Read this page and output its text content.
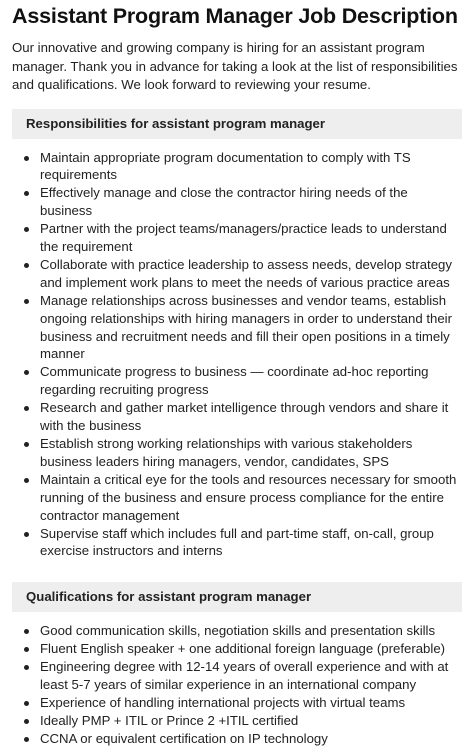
Assistant Program Manager Job Description

Our innovative and growing company is hiring for an assistant program manager. Thank you in advance for taking a look at the list of responsibilities and qualifications. We look forward to reviewing your resume.

Responsibilities for assistant program manager
Maintain appropriate program documentation to comply with TS requirements
Effectively manage and close the contractor hiring needs of the business
Partner with the project teams/managers/practice leads to understand the requirement
Collaborate with practice leadership to assess needs, develop strategy and implement work plans to meet the needs of various practice areas
Manage relationships across businesses and vendor teams, establish ongoing relationships with hiring managers in order to understand their business and recruitment needs and fill their open positions in a timely manner
Communicate progress to business — coordinate ad-hoc reporting regarding recruiting progress
Research and gather market intelligence through vendors and share it with the business
Establish strong working relationships with various stakeholders business leaders hiring managers, vendor, candidates, SPS
Maintain a critical eye for the tools and resources necessary for smooth running of the business and ensure process compliance for the entire contractor management
Supervise staff which includes full and part-time staff, on-call, group exercise instructors and interns
Qualifications for assistant program manager
Good communication skills, negotiation skills and presentation skills
Fluent English speaker + one additional foreign language (preferable)
Engineering degree with 12-14 years of overall experience and with at least 5-7 years of similar experience in an international company
Experience of handling international projects with virtual teams
Ideally PMP + ITIL or Prince 2 +ITIL certified
CCNA or equivalent certification on IP technology
